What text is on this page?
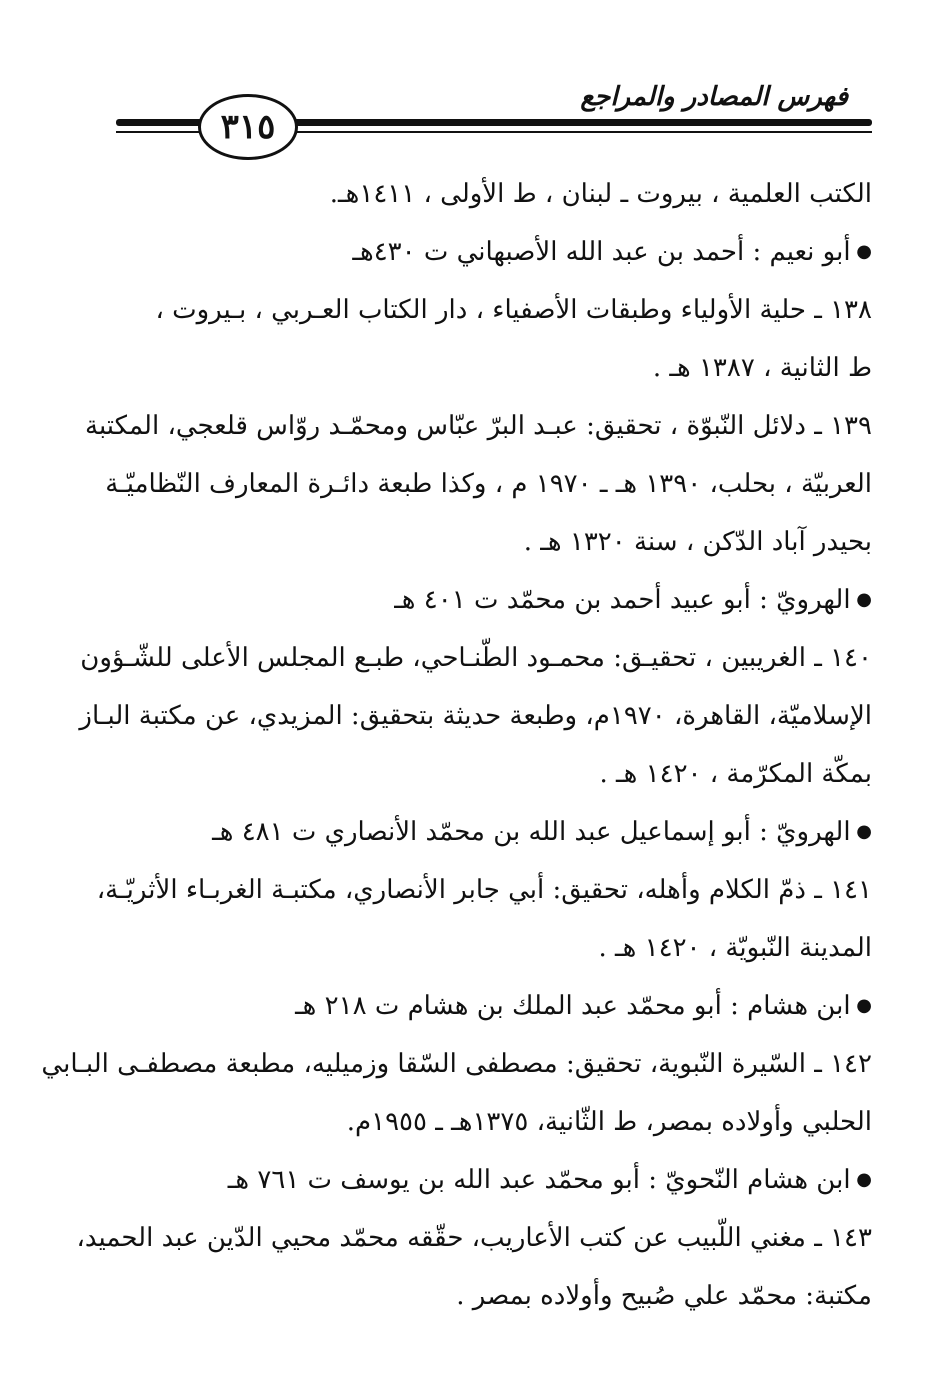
فهرس المصادر والمراجع
٣١٥
الكتب العلمية ، بيروت ـ لبنان ، ط الأولى ، ١٤١١هـ.
● أبو نعيم : أحمد بن عبد الله الأصبهاني ت ٤٣٠هـ
١٣٨ ـ حلية الأولياء وطبقات الأصفياء ، دار الكتاب العـربي ، بـيروت ،
ط الثانية ، ١٣٨٧ هـ .
١٣٩ ـ دلائل النّبوّة ، تحقيق: عبـد البرّ عبّاس ومحمّـد روّاس قلعجي، المكتبة
العربيّة ، بحلب، ١٣٩٠ هـ ـ ١٩٧٠ م ، وكذا طبعة دائـرة المعارف النّظاميّـة
بحيدر آباد الدّكن ، سنة ١٣٢٠ هـ .
● الهرويّ : أبو عبيد أحمد بن محمّد ت ٤٠١ هـ
١٤٠ ـ الغريبين ، تحقيـق: محمـود الطّنـاحي، طبـع المجلس الأعلى للشّـؤون
الإسلاميّة، القاهرة، ١٩٧٠م، وطبعة حديثة بتحقيق: المزيدي، عن مكتبة البـاز
بمكّة المكرّمة ، ١٤٢٠ هـ .
● الهرويّ : أبو إسماعيل عبد الله بن محمّد الأنصاري ت ٤٨١ هـ
١٤١ ـ ذمّ الكلام وأهله، تحقيق: أبي جابر الأنصاري، مكتبـة الغربـاء الأثريّـة،
المدينة النّبويّة ، ١٤٢٠ هـ .
● ابن هشام : أبو محمّد عبد الملك بن هشام ت ٢١٨ هـ
١٤٢ ـ السّيرة النّبوية، تحقيق: مصطفى السّقا وزميليه، مطبعة مصطفـى البـابي
الحلبي وأولاده بمصر، ط الثّانية، ١٣٧٥هـ ـ ١٩٥٥م.
● ابن هشام النّحويّ : أبو محمّد عبد الله بن يوسف ت ٧٦١ هـ
١٤٣ ـ مغني اللّبيب عن كتب الأعاريب، حقّقه محمّد محيي الدّين عبد الحميد،
مكتبة: محمّد علي صُبيح وأولاده بمصر .
